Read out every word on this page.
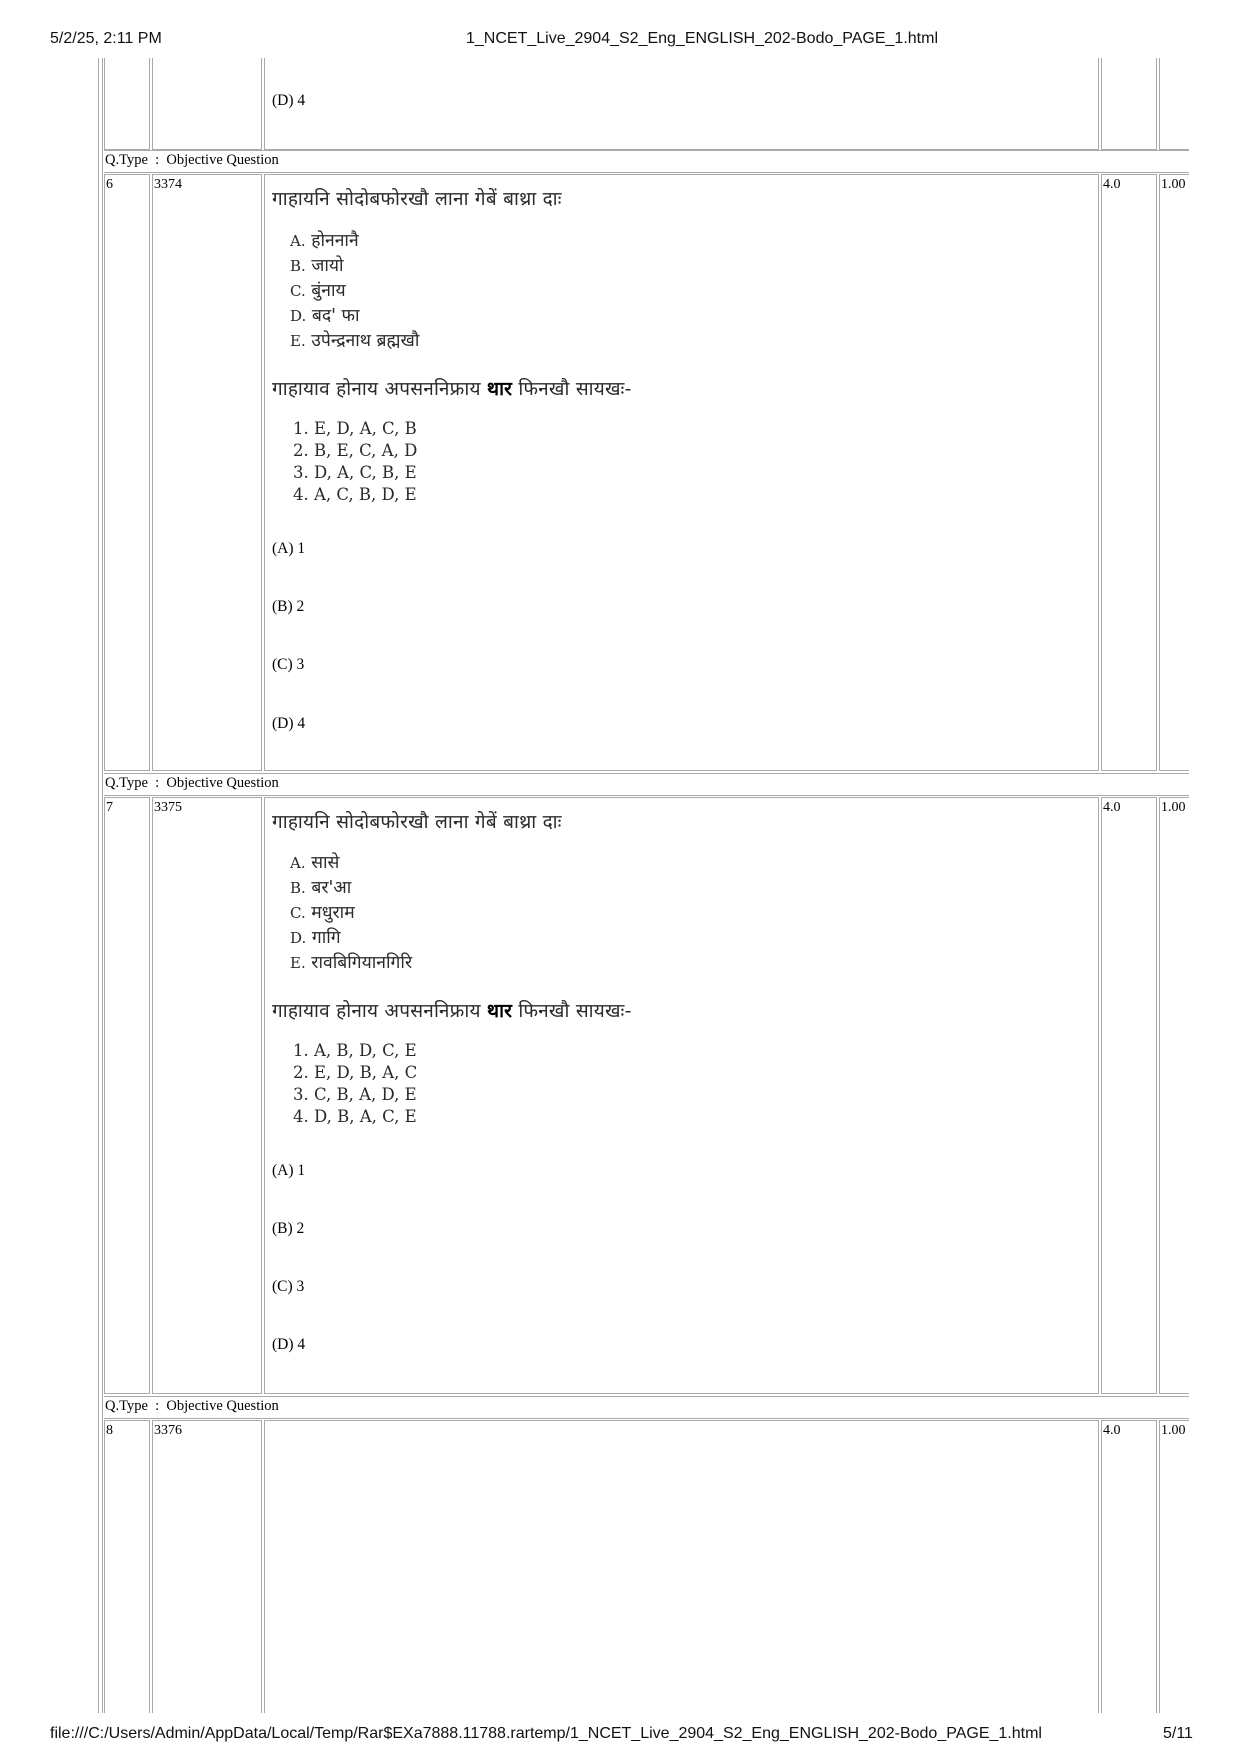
5/2/25, 2:11 PM	1_NCET_Live_2904_S2_Eng_ENGLISH_202-Bodo_PAGE_1.html
file:///C:/Users/Admin/AppData/Local/Temp/Rar$EXa7888.11788.rartemp/1_NCET_Live_2904_S2_Eng_ENGLISH_202-Bodo_PAGE_1.html	5/11
(D) 4
Q.Type  :  Objective Question
6	3374	4.0	1.00
गाहायनि सोदोबफोरखौ लाना गेबें बाथ्रा दाः
A. होननानै
B. जायो
C. बुंनाय
D. बद' फा
E. उपेन्द्रनाथ ब्रह्मखौ
गाहायाव होनाय अपसननिफ्राय थार फिनखौ सायखः-
1. E, D, A, C, B
2. B, E, C, A, D
3. D, A, C, B, E
4. A, C, B, D, E
(A) 1
(B) 2
(C) 3
(D) 4
Q.Type  :  Objective Question
7	3375	4.0	1.00
गाहायनि सोदोबफोरखौ लाना गेबें बाथ्रा दाः
A. सासे
B. बर'आ
C. मधुराम
D. गागि
E. रावबिगियानगिरि
गाहायाव होनाय अपसननिफ्राय थार फिनखौ सायखः-
1. A, B, D, C, E
2. E, D, B, A, C
3. C, B, A, D, E
4. D, B, A, C, E
(A) 1
(B) 2
(C) 3
(D) 4
Q.Type  :  Objective Question
8	3376	4.0	1.00
